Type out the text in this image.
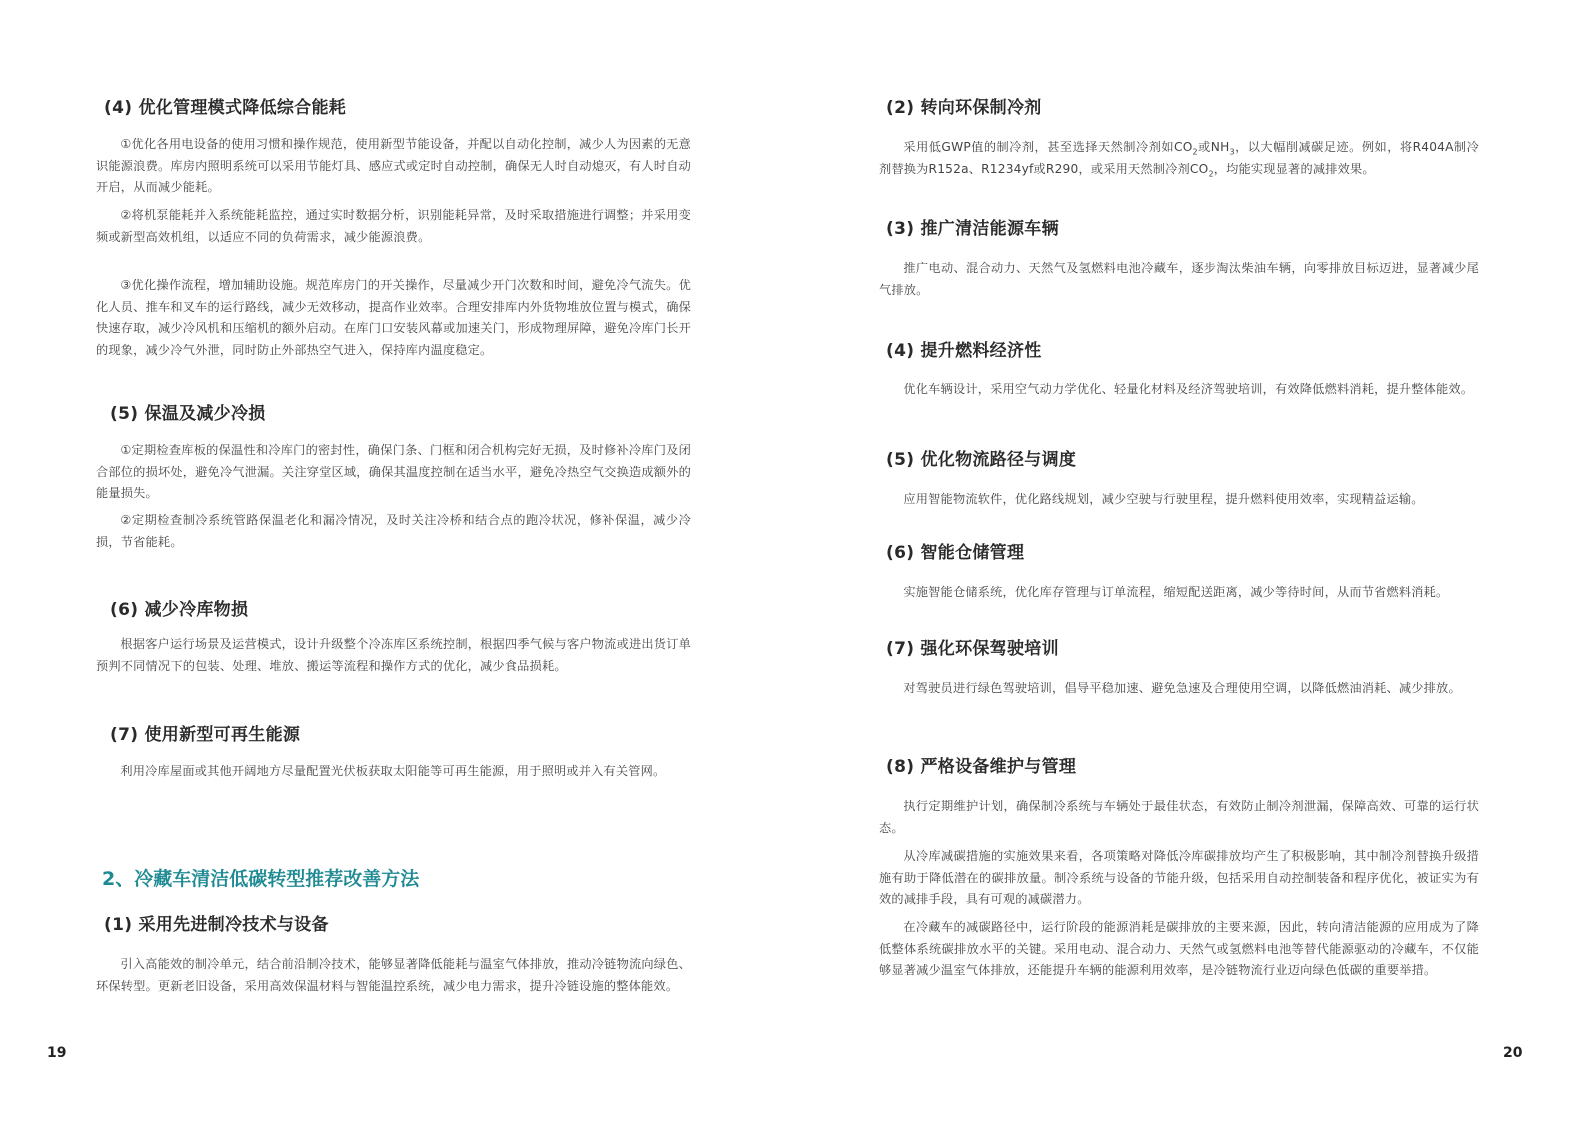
(4) 优化管理模式降低综合能耗
①优化各用电设备的使用习惯和操作规范，使用新型节能设备，并配以自动化控制，减少人为因素的无意识能源浪费。库房内照明系统可以采用节能灯具、感应式或定时自动控制，确保无人时自动熄灭，有人时自动开启，从而减少能耗。
②将机泵能耗并入系统能耗监控，通过实时数据分析，识别能耗异常，及时采取措施进行调整；并采用变频或新型高效机组，以适应不同的负荷需求，减少能源浪费。
③优化操作流程，增加辅助设施。规范库房门的开关操作，尽量减少开门次数和时间，避免冷气流失。优化人员、推车和叉车的运行路线，减少无效移动，提高作业效率。合理安排库内外货物堆放位置与模式，确保快速存取，减少冷风机和压缩机的额外启动。在库门口安装风幕或加速关门，形成物理屏障，避免冷库门长开的现象，减少冷气外泄，同时防止外部热空气进入，保持库内温度稳定。
(5) 保温及减少冷损
①定期检查库板的保温性和冷库门的密封性，确保门条、门框和闭合机构完好无损，及时修补冷库门及闭合部位的损坏处，避免冷气泄漏。关注穿堂区域，确保其温度控制在适当水平，避免冷热空气交换造成额外的能量损失。
②定期检查制冷系统管路保温老化和漏冷情况，及时关注冷桥和结合点的跑冷状况，修补保温，减少冷损，节省能耗。
(6) 减少冷库物损
根据客户运行场景及运营模式，设计升级整个冷冻库区系统控制，根据四季气候与客户物流或进出货订单预判不同情况下的包装、处理、堆放、搬运等流程和操作方式的优化，减少食品损耗。
(7) 使用新型可再生能源
利用冷库屋面或其他开阔地方尽量配置光伏板获取太阳能等可再生能源，用于照明或并入有关管网。
2、冷藏车清洁低碳转型推荐改善方法
(1) 采用先进制冷技术与设备
引入高能效的制冷单元，结合前沿制冷技术，能够显著降低能耗与温室气体排放，推动冷链物流向绿色、环保转型。更新老旧设备，采用高效保温材料与智能温控系统，减少电力需求，提升冷链设施的整体能效。
19
(2) 转向环保制冷剂
采用低GWP值的制冷剂，甚至选择天然制冷剂如$CO_2$或$NH_3$，以大幅削减碳足迹。例如，将R404A制冷剂替换为R152a、R1234yf或R290，或采用天然制冷剂$CO_2$，均能实现显著的减排效果。
(3) 推广清洁能源车辆
推广电动、混合动力、天然气及氢燃料电池冷藏车，逐步淘汰柴油车辆，向零排放目标迈进，显著减少尾气排放。
(4) 提升燃料经济性
优化车辆设计，采用空气动力学优化、轻量化材料及经济驾驶培训，有效降低燃料消耗，提升整体能效。
(5) 优化物流路径与调度
应用智能物流软件，优化路线规划，减少空驶与行驶里程，提升燃料使用效率，实现精益运输。
(6) 智能仓储管理
实施智能仓储系统，优化库存管理与订单流程，缩短配送距离，减少等待时间，从而节省燃料消耗。
(7) 强化环保驾驶培训
对驾驶员进行绿色驾驶培训，倡导平稳加速、避免急速及合理使用空调，以降低燃油消耗、减少排放。
(8) 严格设备维护与管理
执行定期维护计划，确保制冷系统与车辆处于最佳状态，有效防止制冷剂泄漏，保障高效、可靠的运行状态。
从冷库减碳措施的实施效果来看，各项策略对降低冷库碳排放均产生了积极影响，其中制冷剂替换升级措施有助于降低潜在的碳排放量。制冷系统与设备的节能升级，包括采用自动控制装备和程序优化，被证实为有效的减排手段，具有可观的减碳潜力。
在冷藏车的减碳路径中，运行阶段的能源消耗是碳排放的主要来源，因此，转向清洁能源的应用成为了降低整体系统碳排放水平的关键。采用电动、混合动力、天然气或氢燃料电池等替代能源驱动的冷藏车，不仅能够显著减少温室气体排放，还能提升车辆的能源利用效率，是冷链物流行业迈向绿色低碳的重要举措。
20
